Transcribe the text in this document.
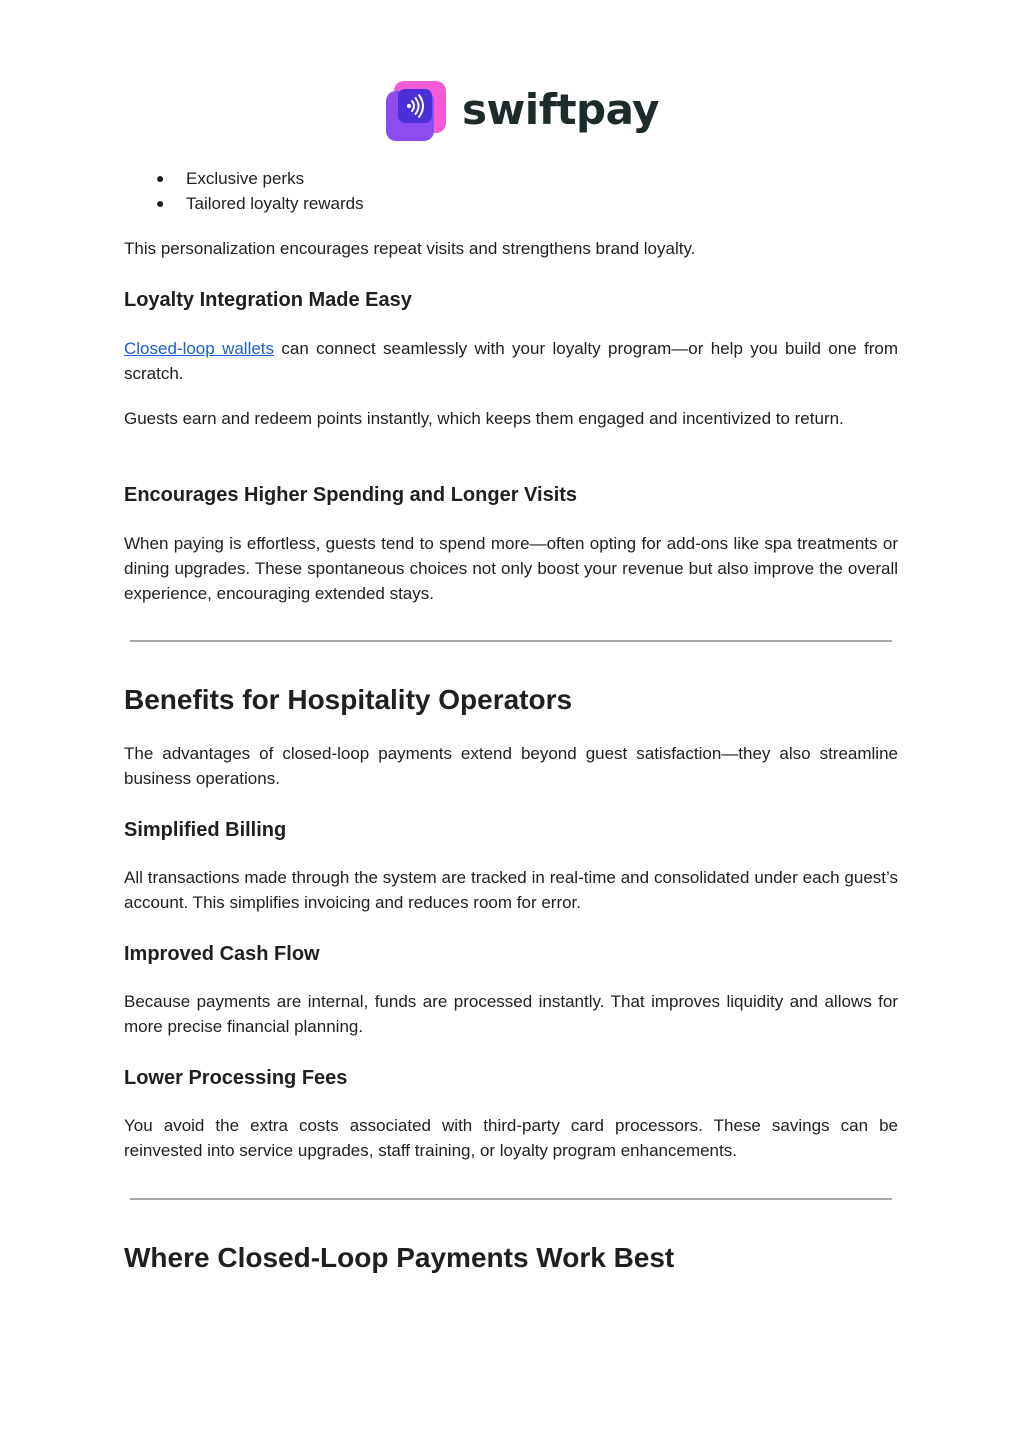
swiftpay
● Exclusive perks
● Tailored loyalty rewards

This personalization encourages repeat visits and strengthens brand loyalty.

Loyalty Integration Made Easy

Closed-loop wallets can connect seamlessly with your loyalty program—or help you build one from scratch.

Guests earn and redeem points instantly, which keeps them engaged and incentivized to return.

Encourages Higher Spending and Longer Visits

When paying is effortless, guests tend to spend more—often opting for add-ons like spa treatments or dining upgrades. These spontaneous choices not only boost your revenue but also improve the overall experience, encouraging extended stays.

Benefits for Hospitality Operators

The advantages of closed-loop payments extend beyond guest satisfaction—they also streamline business operations.

Simplified Billing

All transactions made through the system are tracked in real-time and consolidated under each guest’s account. This simplifies invoicing and reduces room for error.

Improved Cash Flow

Because payments are internal, funds are processed instantly. That improves liquidity and allows for more precise financial planning.

Lower Processing Fees

You avoid the extra costs associated with third-party card processors. These savings can be reinvested into service upgrades, staff training, or loyalty program enhancements.

Where Closed-Loop Payments Work Best
